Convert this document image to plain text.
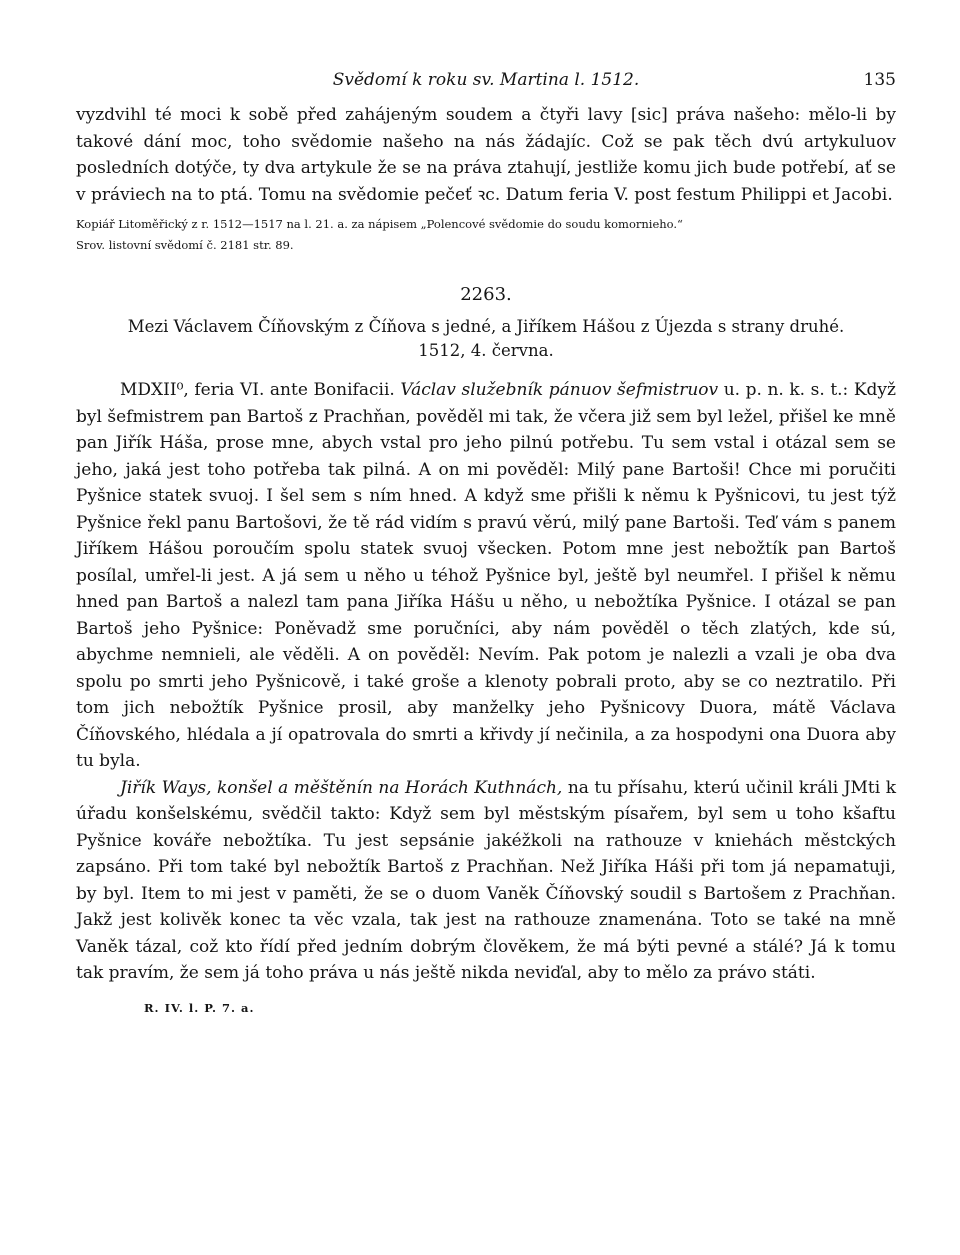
Svědomí k roku sv. Martina l. 1512.	135

vyzdvihl té moci k sobě před zahájeným soudem a čtyři lavy [sic] práva našeho: mělo-li by takové dání moc, toho svědomie našeho na nás žádajíc. Což se pak těch dvú artykuluov posledních dotýče, ty dva artykule že se na práva ztahují, jestliže komu jich bude potřebí, ať se v práviech na to ptá. Tomu na svědomie pečeť ꝛc. Datum feria V. post festum Philippi et Jacobi.

Kopiář Litoměřický z r. 1512—1517 na l. 21. a. za nápisem „Polencové svědomie do soudu komornieho.“

Srov. listovní svědomí č. 2181 str. 89.

2263.
Mezi Václavem Číňovským z Číňova s jedné, a Jiříkem Hášou z Újezda s strany druhé.
1512, 4. června.

MDXII⁰, feria VI. ante Bonifacii. Václav služebník pánuov šefmistruov u. p. n. k. s. t.: Když byl šefmistrem pan Bartoš z Prachňan, pověděl mi tak, že včera již sem byl ležel, přišel ke mně pan Jiřík Háša, prose mne, abych vstal pro jeho pilnú potřebu. Tu sem vstal i otázal sem se jeho, jaká jest toho potřeba tak pilná. A on mi pověděl: Milý pane Bartoši! Chce mi poručiti Pyšnice statek svuoj. I šel sem s ním hned. A když sme přišli k němu k Pyšnicovi, tu jest týž Pyšnice řekl panu Bartošovi, že tě rád vidím s pravú věrú, milý pane Bartoši. Teď vám s panem Jiříkem Hášou poroučím spolu statek svuoj všecken. Potom mne jest nebožtík pan Bartoš posílal, umřel-li jest. A já sem u něho u téhož Pyšnice byl, ještě byl neumřel. I přišel k němu hned pan Bartoš a nalezl tam pana Jiříka Hášu u něho, u nebožtíka Pyšnice. I otázal se pan Bartoš jeho Pyšnice: Poněvadž sme poručníci, aby nám pověděl o těch zlatých, kde sú, abychme nemnieli, ale věděli. A on pověděl: Nevím. Pak potom je nalezli a vzali je oba dva spolu po smrti jeho Pyšnicově, i také groše a klenoty pobrali proto, aby se co neztratilo. Při tom jich nebožtík Pyšnice prosil, aby manželky jeho Pyšnicovy Duora, mátě Václava Číňovského, hlédala a jí opatrovala do smrti a křivdy jí nečinila, a za hospodyni ona Duora aby tu byla.

Jiřík Ways, konšel a měštěnín na Horách Kuthnách, na tu přísahu, kterú učinil králi JMti k úřadu konšelskému, svědčil takto: Když sem byl městským písařem, byl sem u toho kšaftu Pyšnice kováře nebožtíka. Tu jest sepsánie jakéžkoli na rathouze v kniehách městckých zapsáno. Při tom také byl nebožtík Bartoš z Prachňan. Než Jiříka Háši při tom já nepamatuji, by byl. Item to mi jest v paměti, že se o duom Vaněk Číňovský soudil s Bartošem z Prachňan. Jakž jest kolivěk konec ta věc vzala, tak jest na rathouze znamenána. Toto se také na mně Vaněk tázal, což kto řídí před jedním dobrým člověkem, že má býti pevné a stálé? Já k tomu tak pravím, že sem já toho práva u nás ještě nikda neviďal, aby to mělo za právo státi.

R. IV. l. P. 7. a.
